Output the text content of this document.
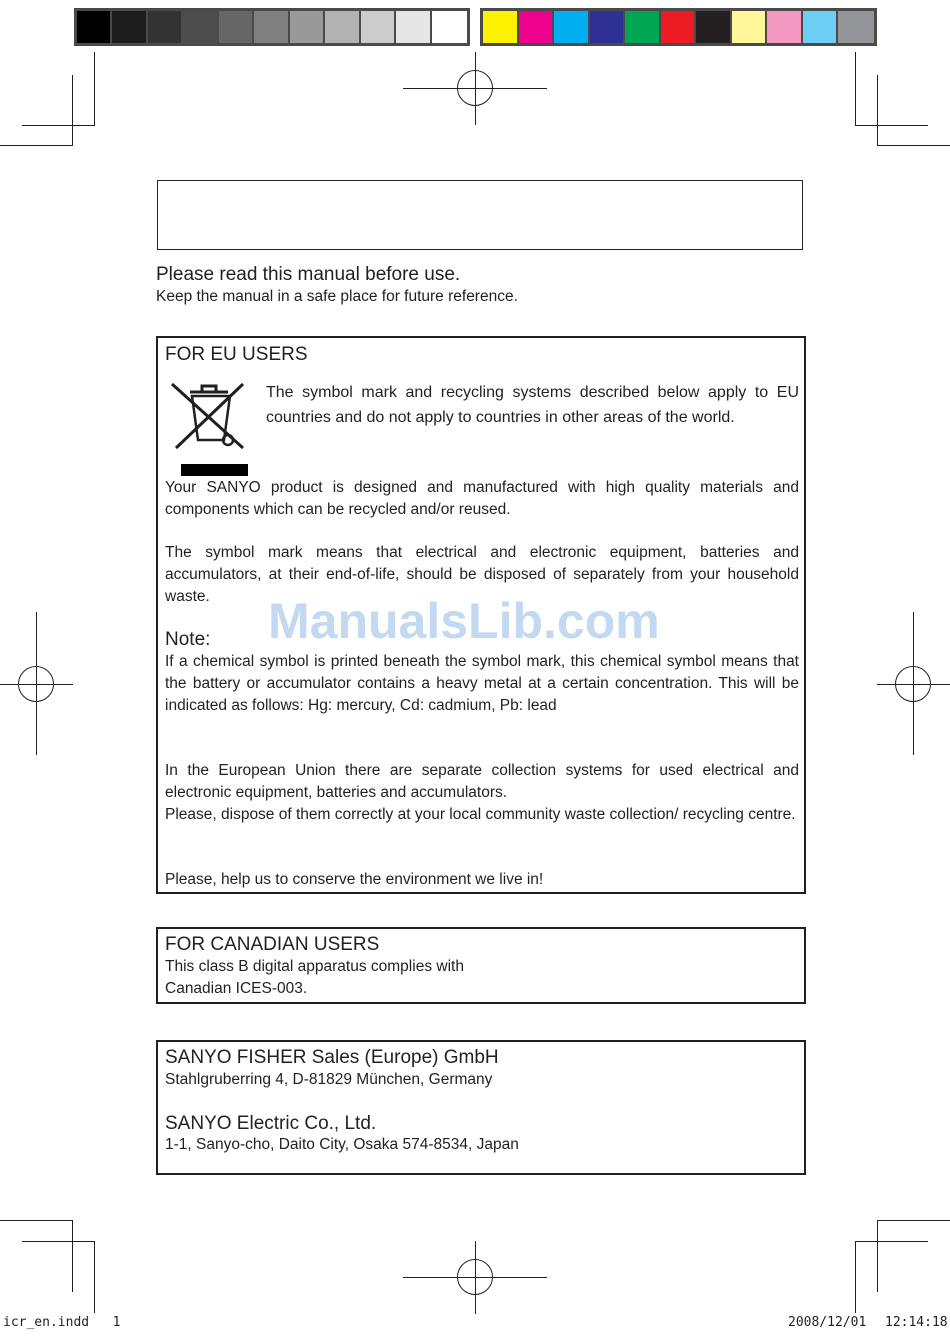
Please read this manual before use.
Keep the manual in a safe place for future reference.
FOR EU USERS
The symbol mark and recycling systems described below apply to EU countries and do not apply to countries in other areas of the world.
Your SANYO product is designed and manufactured with high quality materials and components which can be recycled and/or reused.
The symbol mark means that electrical and electronic equipment, batteries and accumulators, at their end-of-life, should be disposed of separately from your household waste.
Note:
If a chemical symbol is printed beneath the symbol mark, this chemical symbol means that the battery or accumulator contains a heavy metal at a certain concentration. This will be indicated as follows: Hg: mercury, Cd: cadmium, Pb: lead
In the European Union there are separate collection systems for used electrical and electronic equipment, batteries and accumulators.
Please, dispose of them correctly at your local community waste collection/ recycling centre.
Please, help us to conserve the environment we live in!
ManualsLib.com
FOR CANADIAN USERS
This class B digital apparatus complies with
Canadian ICES-003.
SANYO FISHER Sales (Europe) GmbH
Stahlgruberring 4, D-81829 München, Germany
SANYO Electric Co., Ltd.
1-1, Sanyo-cho, Daito City, Osaka 574-8534, Japan
icr_en.indd   1	2008/12/01 12:14:18
